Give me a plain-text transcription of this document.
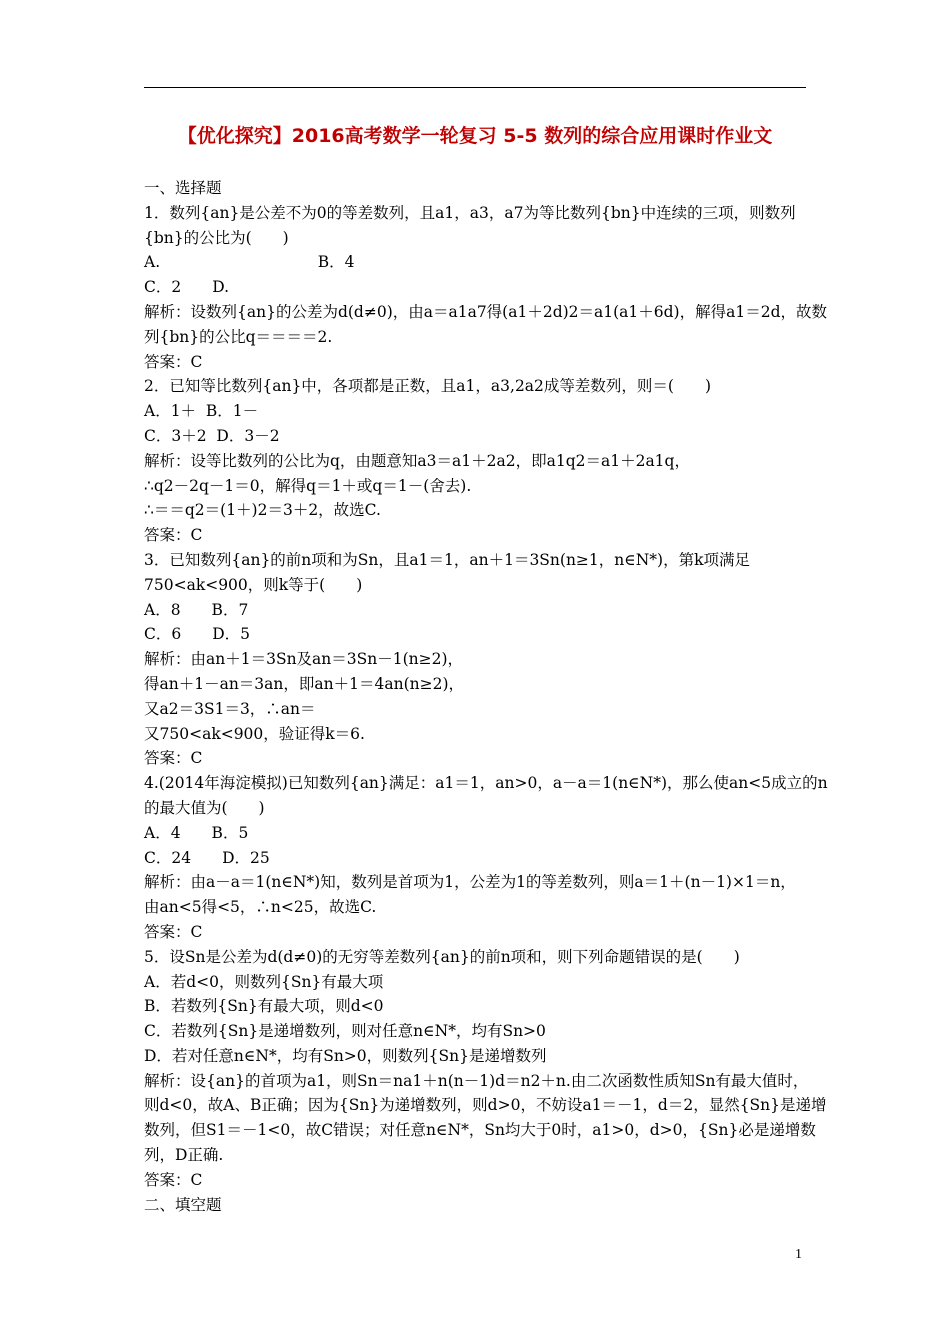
【优化探究】2016高考数学一轮复习 5-5 数列的综合应用课时作业文
一、选择题
1．数列{an}是公差不为0的等差数列，且a1，a3，a7为等比数列{bn}中连续的三项，则数列
{bn}的公比为(　　)
A.                                B．4
C．2　　D.
解析：设数列{an}的公差为d(d≠0)，由a＝a1a7得(a1＋2d)2＝a1(a1＋6d)，解得a1＝2d，故数
列{bn}的公比q＝＝＝＝2.
答案：C
2．已知等比数列{an}中，各项都是正数，且a1，a3,2a2成等差数列，则＝(　　)
A．1＋  B．1－
C．3＋2  D．3－2
解析：设等比数列的公比为q，由题意知a3＝a1＋2a2，即a1q2＝a1＋2a1q，
∴q2－2q－1＝0，解得q＝1＋或q＝1－(舍去).
∴＝＝q2＝(1＋)2＝3＋2，故选C.
答案：C
3．已知数列{an}的前n项和为Sn，且a1＝1，an＋1＝3Sn(n≥1，n∈N*)，第k项满足
750<ak<900，则k等于(　　)
A．8　　B．7
C．6　　D．5
解析：由an＋1＝3Sn及an＝3Sn－1(n≥2)，
得an＋1－an＝3an，即an＋1＝4an(n≥2)，
又a2＝3S1＝3，∴an＝
又750<ak<900，验证得k＝6.
答案：C
4.(2014年海淀模拟)已知数列{an}满足：a1＝1，an>0，a－a＝1(n∈N*)，那么使an<5成立的n
的最大值为(　　)
A．4　　B．5
C．24　　D．25
解析：由a－a＝1(n∈N*)知，数列是首项为1，公差为1的等差数列，则a＝1＋(n－1)×1＝n，
由an<5得<5，∴n<25，故选C.
答案：C
5．设Sn是公差为d(d≠0)的无穷等差数列{an}的前n项和，则下列命题错误的是(　　)
A．若d<0，则数列{Sn}有最大项
B．若数列{Sn}有最大项，则d<0
C．若数列{Sn}是递增数列，则对任意n∈N*，均有Sn>0
D．若对任意n∈N*，均有Sn>0，则数列{Sn}是递增数列
解析：设{an}的首项为a1，则Sn＝na1＋n(n－1)d＝n2＋n.由二次函数性质知Sn有最大值时，
则d<0，故A、B正确；因为{Sn}为递增数列，则d>0，不妨设a1＝－1，d＝2，显然{Sn}是递增
数列，但S1＝－1<0，故C错误；对任意n∈N*，Sn均大于0时，a1>0，d>0，{Sn}必是递增数
列，D正确.
答案：C
二、填空题
1
